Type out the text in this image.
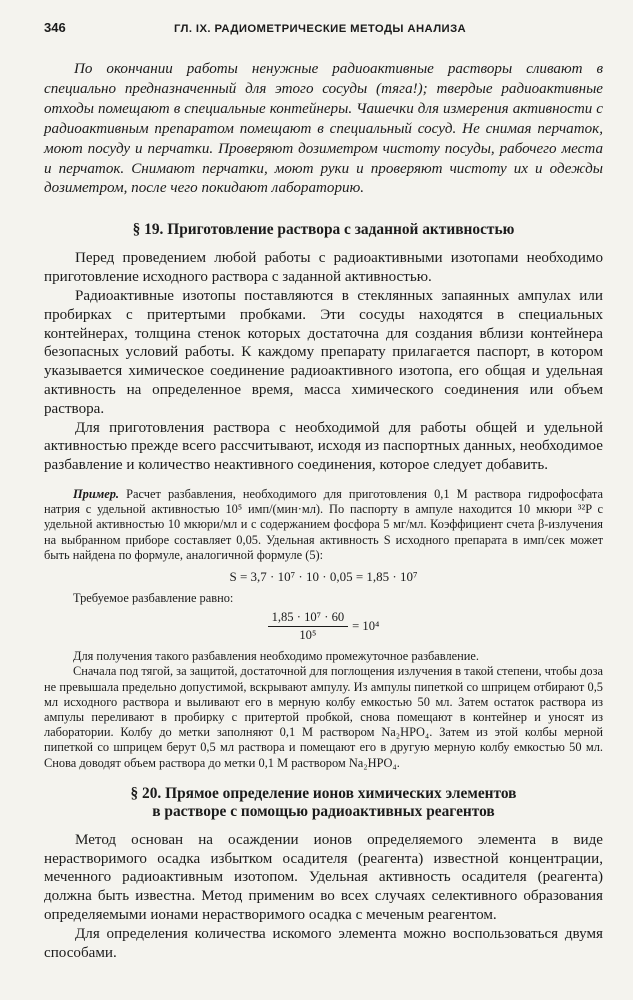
346	ГЛ. IX. РАДИОМЕТРИЧЕСКИЕ МЕТОДЫ АНАЛИЗА

По окончании работы ненужные радиоактивные растворы сливают в специально предназначенный для этого сосуды (тяга!); твердые радиоактивные отходы помещают в специальные контейнеры. Чашечки для измерения активности с радиоактивным препаратом помещают в специальный сосуд. Не снимая перчаток, моют посуду и перчатки. Проверяют дозиметром чистоту посуды, рабочего места и перчаток. Снимают перчатки, моют руки и проверяют чистоту их и одежды дозиметром, после чего покидают лабораторию.

§ 19. Приготовление раствора с заданной активностью

Перед проведением любой работы с радиоактивными изотопами необходимо приготовление исходного раствора с заданной активностью.

Радиоактивные изотопы поставляются в стеклянных запаянных ампулах или пробирках с притертыми пробками. Эти сосуды находятся в специальных контейнерах, толщина стенок которых достаточна для создания вблизи контейнера безопасных условий работы. К каждому препарату прилагается паспорт, в котором указывается химическое соединение радиоактивного изотопа, его общая и удельная активность на определенное время, масса химического соединения или объем раствора.

Для приготовления раствора с необходимой для работы общей и удельной активностью прежде всего рассчитывают, исходя из паспортных данных, необходимое разбавление и количество неактивного соединения, которое следует добавить.

Пример. Расчет разбавления, необходимого для приготовления 0,1 М раствора гидрофосфата натрия с удельной активностью 10⁵ имп/(мин·мл). По паспорту в ампуле находится 10 мкюри ³²P с удельной активностью 10 мкюри/мл и с содержанием фосфора 5 мг/мл. Коэффициент счета β-излучения на выбранном приборе составляет 0,05. Удельная активность S исходного препарата в имп/сек может быть найдена по формуле, аналогичной формуле (5):

S = 3,7 · 10⁷ · 10 · 0,05 = 1,85 · 10⁷

Требуемое разбавление равно:

$\frac{\text{1,85 · 10⁷ · 60}}{\text{10⁵}} = 10^4$

Для получения такого разбавления необходимо промежуточное разбавление.

Сначала под тягой, за защитой, достаточной для поглощения излучения в такой степени, чтобы доза не превышала предельно допустимой, вскрывают ампулу. Из ампулы пипеткой со шприцем отбирают 0,5 мл исходного раствора и выливают его в мерную колбу емкостью 50 мл. Затем остаток раствора из ампулы переливают в пробирку с притертой пробкой, снова помещают в контейнер и уносят из лаборатории. Колбу до метки заполняют 0,1 М раствором Na₂HPO₄. Затем из этой колбы мерной пипеткой со шприцем берут 0,5 мл раствора и помещают его в другую мерную колбу емкостью 50 мл. Снова доводят объем раствора до метки 0,1 М раствором Na₂HPO₄.

§ 20. Прямое определение ионов химических элементов
в растворе с помощью радиоактивных реагентов

Метод основан на осаждении ионов определяемого элемента в виде нерастворимого осадка избытком осадителя (реагента) известной концентрации, меченного радиоактивным изотопом. Удельная активность осадителя (реагента) должна быть известна. Метод применим во всех случаях селективного образования определяемыми ионами нерастворимого осадка с меченым реагентом.

Для определения количества искомого элемента можно воспользоваться двумя способами.
